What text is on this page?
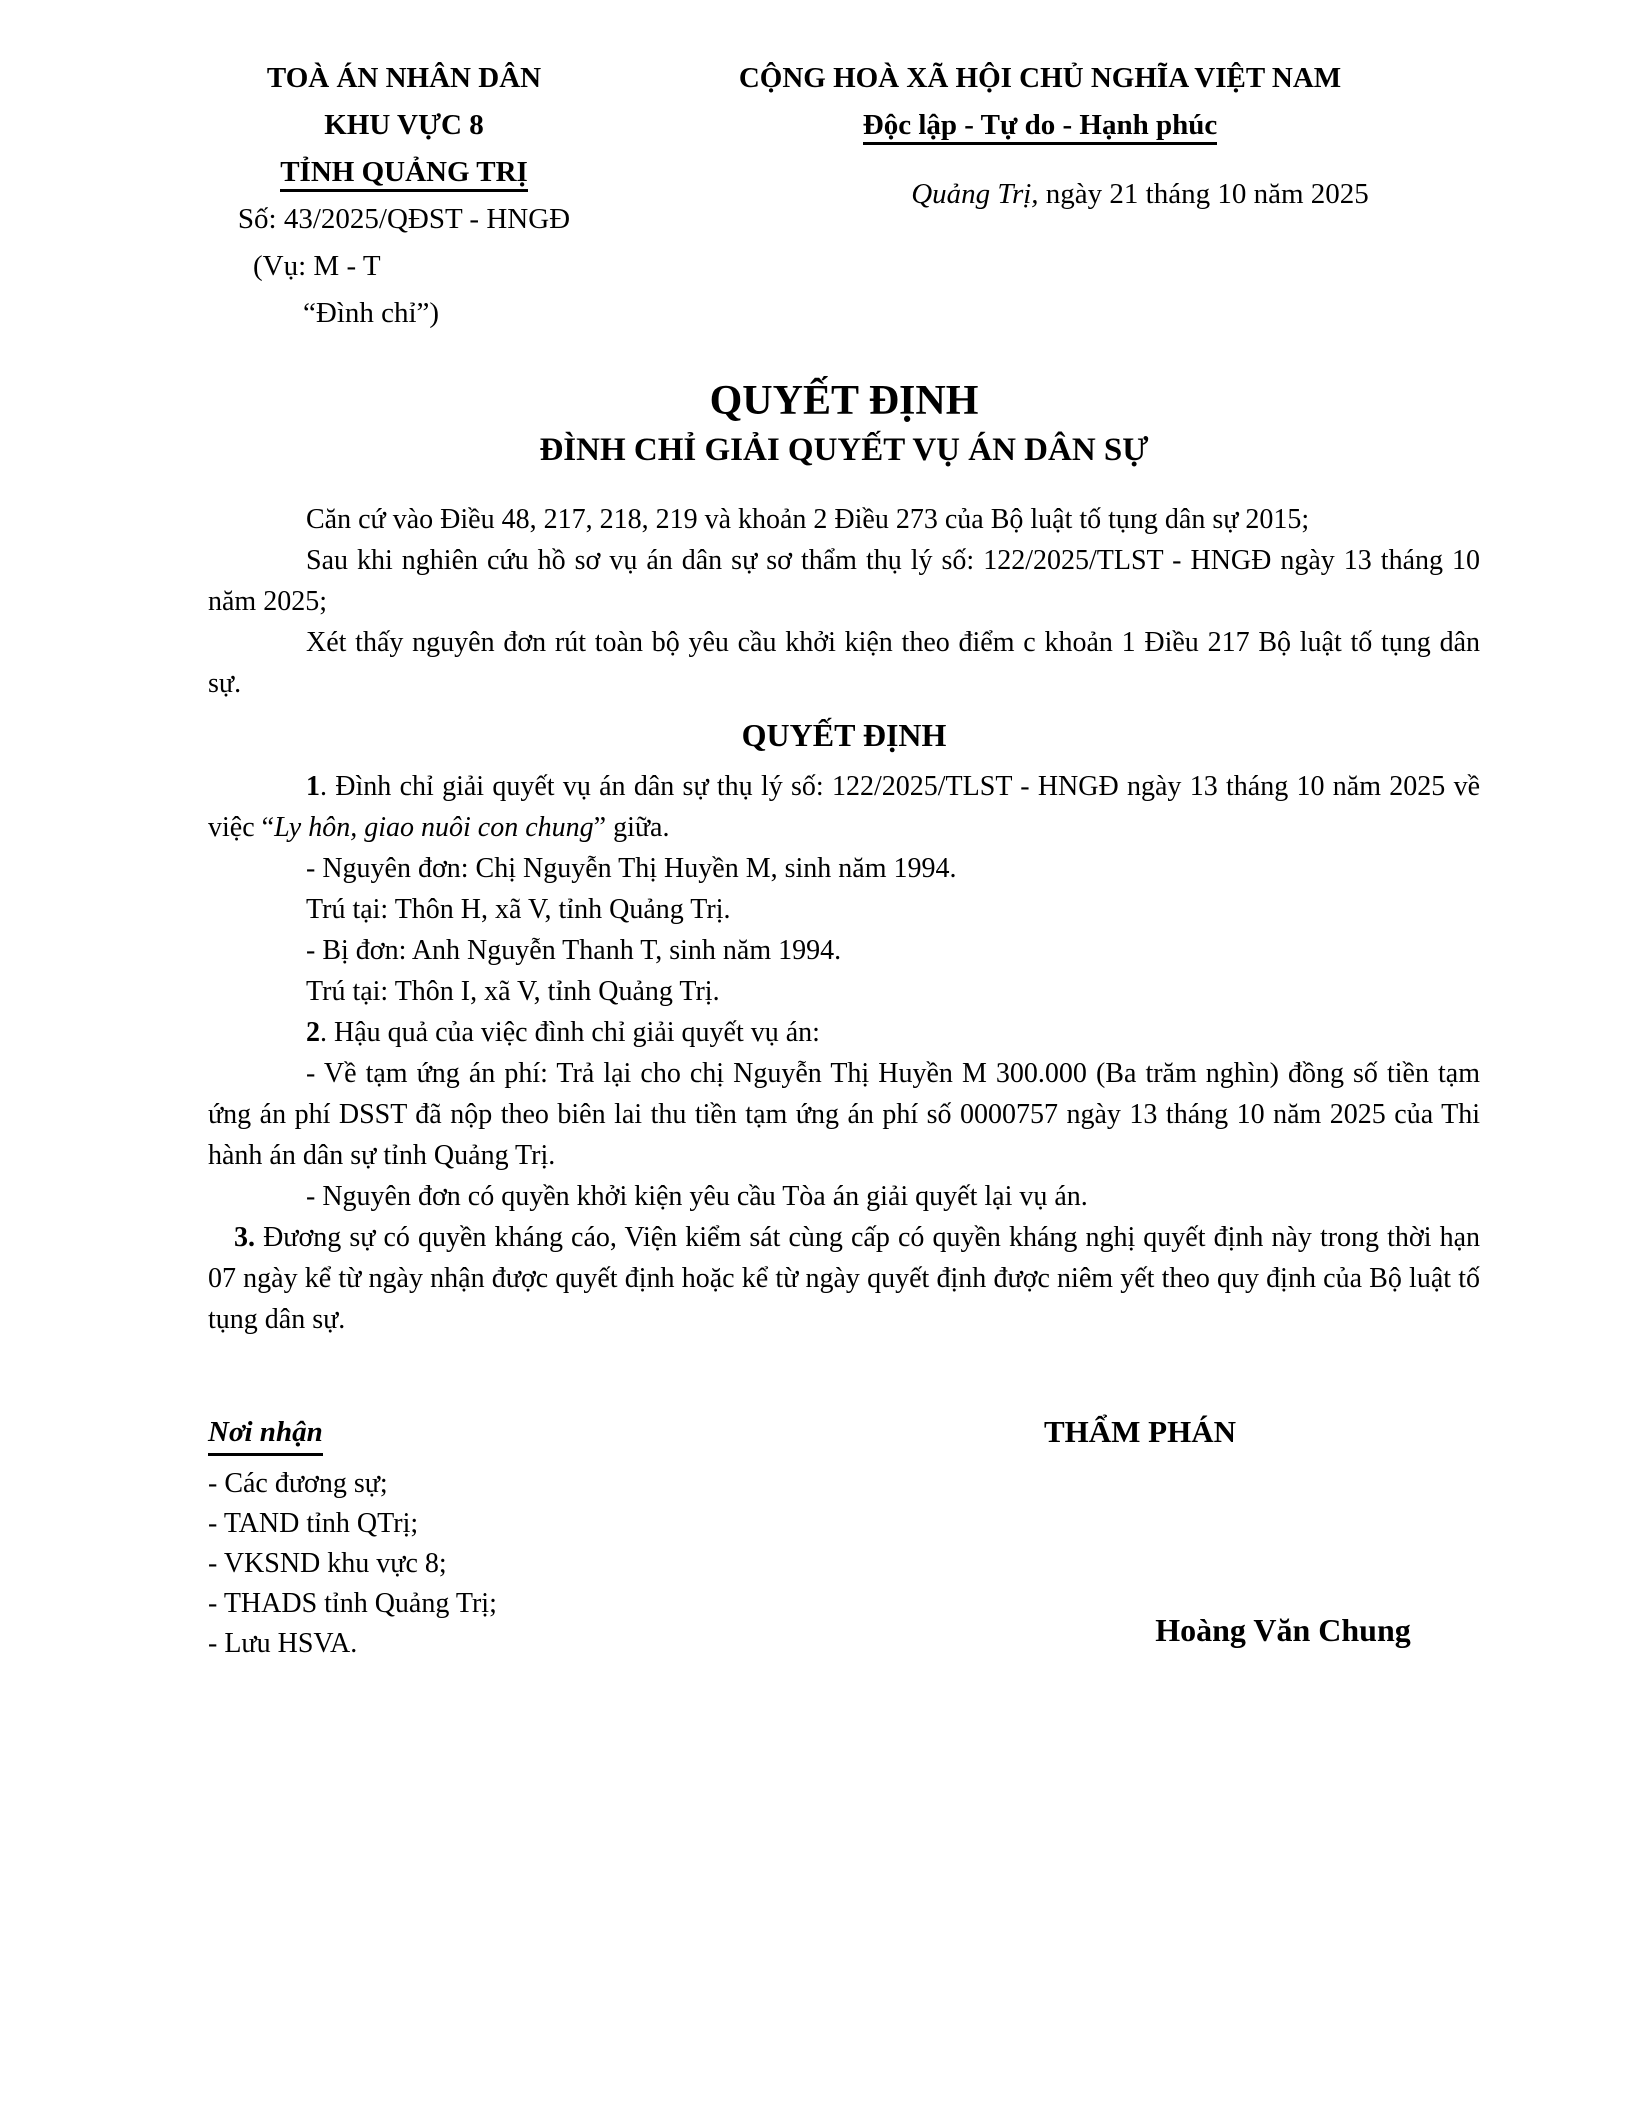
TOÀ ÁN NHÂN DÂN
KHU VỰC 8
TỈNH QUẢNG TRỊ
Số: 43/2025/QĐST - HNGĐ
(Vụ: M - T
“Đình chỉ”)
CỘNG HOÀ XÃ HỘI CHỦ NGHĨA VIỆT NAM
Độc lập - Tự do - Hạnh phúc
Quảng Trị, ngày 21 tháng 10 năm 2025
QUYẾT ĐỊNH
ĐÌNH CHỈ GIẢI QUYẾT VỤ ÁN DÂN SỰ

Căn cứ vào Điều 48, 217, 218, 219 và khoản 2 Điều 273 của Bộ luật tố tụng dân sự 2015;

Sau khi nghiên cứu hồ sơ vụ án dân sự sơ thẩm thụ lý số: 122/2025/TLST - HNGĐ ngày 13 tháng 10 năm 2025;

Xét thấy nguyên đơn rút toàn bộ yêu cầu khởi kiện theo điểm c khoản 1 Điều 217 Bộ luật tố tụng dân sự.

QUYẾT ĐỊNH

1. Đình chỉ giải quyết vụ án dân sự thụ lý số: 122/2025/TLST - HNGĐ ngày 13 tháng 10 năm 2025 về việc “Ly hôn, giao nuôi con chung” giữa.

- Nguyên đơn: Chị Nguyễn Thị Huyền M, sinh năm 1994.

Trú tại: Thôn H, xã V, tỉnh Quảng Trị.

- Bị đơn: Anh Nguyễn Thanh T, sinh năm 1994.

Trú tại: Thôn I, xã V, tỉnh Quảng Trị.

2. Hậu quả của việc đình chỉ giải quyết vụ án:

- Về tạm ứng án phí: Trả lại cho chị Nguyễn Thị Huyền M 300.000 (Ba trăm nghìn) đồng số tiền tạm ứng án phí DSST đã nộp theo biên lai thu tiền tạm ứng án phí số 0000757 ngày 13 tháng 10 năm 2025 của Thi hành án dân sự tỉnh Quảng Trị.

- Nguyên đơn có quyền khởi kiện yêu cầu Tòa án giải quyết lại vụ án.

3. Đương sự có quyền kháng cáo, Viện kiểm sát cùng cấp có quyền kháng nghị quyết định này trong thời hạn 07 ngày kể từ ngày nhận được quyết định hoặc kể từ ngày quyết định được niêm yết theo quy định của Bộ luật tố tụng dân sự.

Nơi nhận
- Các đương sự;
- TAND tỉnh QTrị;
- VKSND khu vực 8;
- THADS tỉnh Quảng Trị;
- Lưu HSVA.
THẨM PHÁN
Hoàng Văn Chung
